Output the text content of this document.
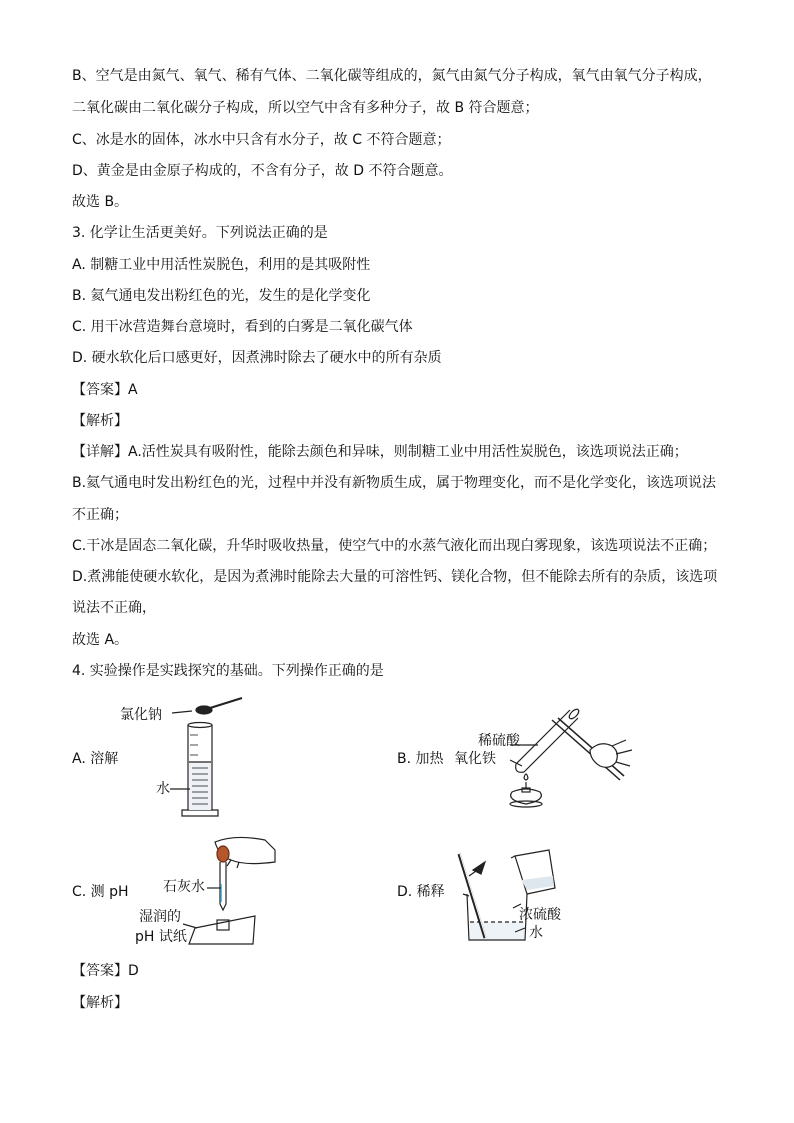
B、空气是由氮气、氧气、稀有气体、二氧化碳等组成的，氮气由氮气分子构成，氧气由氧气分子构成，
二氧化碳由二氧化碳分子构成，所以空气中含有多种分子，故 B 符合题意；
C、冰是水的固体，冰水中只含有水分子，故 C 不符合题意；
D、黄金是由金原子构成的，不含有分子，故 D 不符合题意。
故选 B。
3. 化学让生活更美好。下列说法正确的是
A. 制糖工业中用活性炭脱色，利用的是其吸附性
B. 氦气通电发出粉红色的光，发生的是化学变化
C. 用干冰营造舞台意境时，看到的白雾是二氧化碳气体
D. 硬水软化后口感更好，因煮沸时除去了硬水中的所有杂质
【答案】A
【解析】
【详解】A.活性炭具有吸附性，能除去颜色和异味，则制糖工业中用活性炭脱色，该选项说法正确；
B.氦气通电时发出粉红色的光，过程中并没有新物质生成，属于物理变化，而不是化学变化，该选项说法
不正确；
C.干冰是固态二氧化碳，升华时吸收热量，使空气中的水蒸气液化而出现白雾现象，该选项说法不正确；
D.煮沸能使硬水软化，是因为煮沸时能除去大量的可溶性钙、镁化合物，但不能除去所有的杂质，该选项
说法不正确，
故选 A。
4. 实验操作是实践探究的基础。下列操作正确的是
【答案】D
【解析】
A. 溶解
氯化钠
水
B. 加热
稀硫酸
氧化铁
C. 测 pH 石灰水
湿润的
pH 试纸
D. 稀释
浓硫酸
水
